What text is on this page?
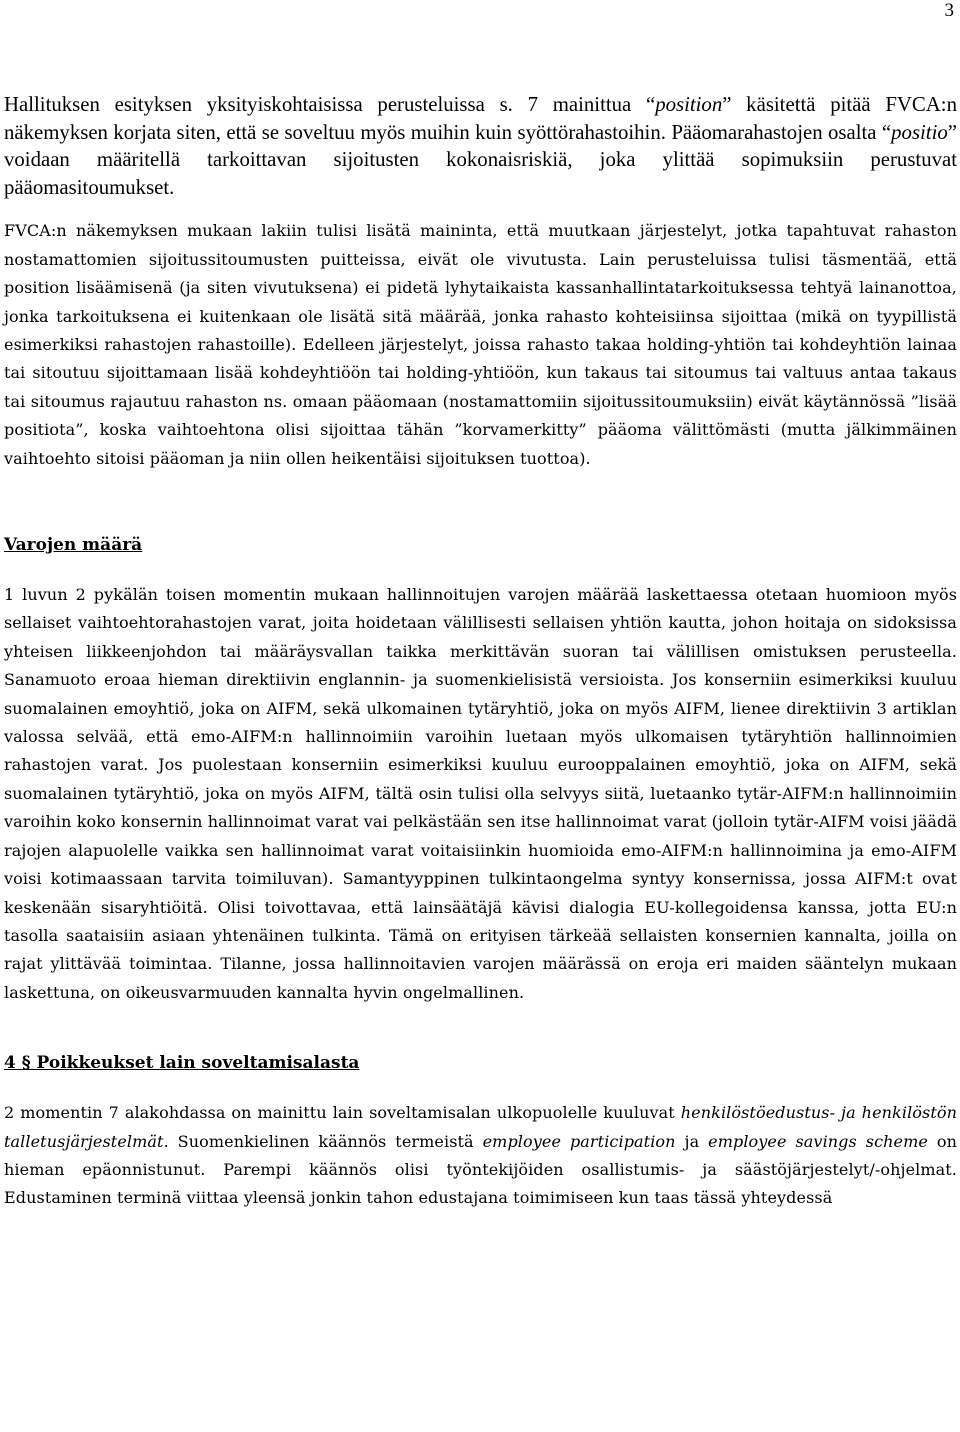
3

Hallituksen esityksen yksityiskohtaisissa perusteluissa s. 7 mainittua “position” käsitettä pitää FVCA:n näkemyksen korjata siten, että se soveltuu myös muihin kuin syöttörahastoihin. Pääomarahastojen osalta “positio” voidaan määritellä tarkoittavan sijoitusten kokonaisriskiä, joka ylittää sopimuksiin perustuvat pääomasitoumukset.

FVCA:n näkemyksen mukaan lakiin tulisi lisätä maininta, että muutkaan järjestelyt, jotka tapahtuvat rahaston nostamattomien sijoitussitoumusten puitteissa, eivät ole vivutusta. Lain perusteluissa tulisi täsmentää, että position lisäämisenä (ja siten vivutuksena) ei pidetä lyhytaikaista kassanhallintatarkoituksessa tehtyä lainanottoa, jonka tarkoituksena ei kuitenkaan ole lisätä sitä määrää, jonka rahasto kohteisiinsa sijoittaa (mikä on tyypillistä esimerkiksi rahastojen rahastoille). Edelleen järjestelyt, joissa rahasto takaa holding-yhtiön tai kohdeyhtiön lainaa tai sitoutuu sijoittamaan lisää kohdeyhtiöön tai holding-yhtiöön, kun takaus tai sitoumus tai valtuus antaa takaus tai sitoumus rajautuu rahaston ns. omaan pääomaan (nostamattomiin sijoitussitoumuksiin) eivät käytännössä ”lisää positiota”, koska vaihtoehtona olisi sijoittaa tähän ”korvamerkitty” pääoma välittömästi (mutta jälkimmäinen vaihtoehto sitoisi pääoman ja niin ollen heikentäisi sijoituksen tuottoa).

Varojen määrä

1 luvun 2 pykälän toisen momentin mukaan hallinnoitujen varojen määrää laskettaessa otetaan huomioon myös sellaiset vaihtoehtorahastojen varat, joita hoidetaan välillisesti sellaisen yhtiön kautta, johon hoitaja on sidoksissa yhteisen liikkeenjohdon tai määräysvallan taikka merkittävän suoran tai välillisen omistuksen perusteella. Sanamuoto eroaa hieman direktiivin englannin- ja suomenkielisistä versioista. Jos konserniin esimerkiksi kuuluu suomalainen emoyhtiö, joka on AIFM, sekä ulkomainen tytäryhtiö, joka on myös AIFM, lienee direktiivin 3 artiklan valossa selvää, että emo-AIFM:n hallinnoimiin varoihin luetaan myös ulkomaisen tytäryhtiön hallinnoimien rahastojen varat. Jos puolestaan konserniin esimerkiksi kuuluu eurooppalainen emoyhtiö, joka on AIFM, sekä suomalainen tytäryhtiö, joka on myös AIFM, tältä osin tulisi olla selvyys siitä, luetaanko tytär-AIFM:n hallinnoimiin varoihin koko konsernin hallinnoimat varat vai pelkästään sen itse hallinnoimat varat (jolloin tytär-AIFM voisi jäädä rajojen alapuolelle vaikka sen hallinnoimat varat voitaisiinkin huomioida emo-AIFM:n hallinnoimina ja emo-AIFM voisi kotimaassaan tarvita toimiluvan). Samantyyppinen tulkintaongelma syntyy konsernissa, jossa AIFM:t ovat keskenään sisaryhtiöitä. Olisi toivottavaa, että lainsäätäjä kävisi dialogia EU-kollegoidensa kanssa, jotta EU:n tasolla saataisiin asiaan yhtenäinen tulkinta. Tämä on erityisen tärkeää sellaisten konsernien kannalta, joilla on rajat ylittävää toimintaa. Tilanne, jossa hallinnoitavien varojen määrässä on eroja eri maiden sääntelyn mukaan laskettuna, on oikeusvarmuuden kannalta hyvin ongelmallinen.

4 § Poikkeukset lain soveltamisalasta

2 momentin 7 alakohdassa on mainittu lain soveltamisalan ulkopuolelle kuuluvat henkilöstöedustus- ja henkilöstön talletusjärjestelmät. Suomenkielinen käännös termeistä employee participation ja employee savings scheme on hieman epäonnistunut. Parempi käännös olisi työntekijöiden osallistumis- ja säästöjärjestelyt/-ohjelmat. Edustaminen terminä viittaa yleensä jonkin tahon edustajana toimimiseen kun taas tässä yhteydessä
